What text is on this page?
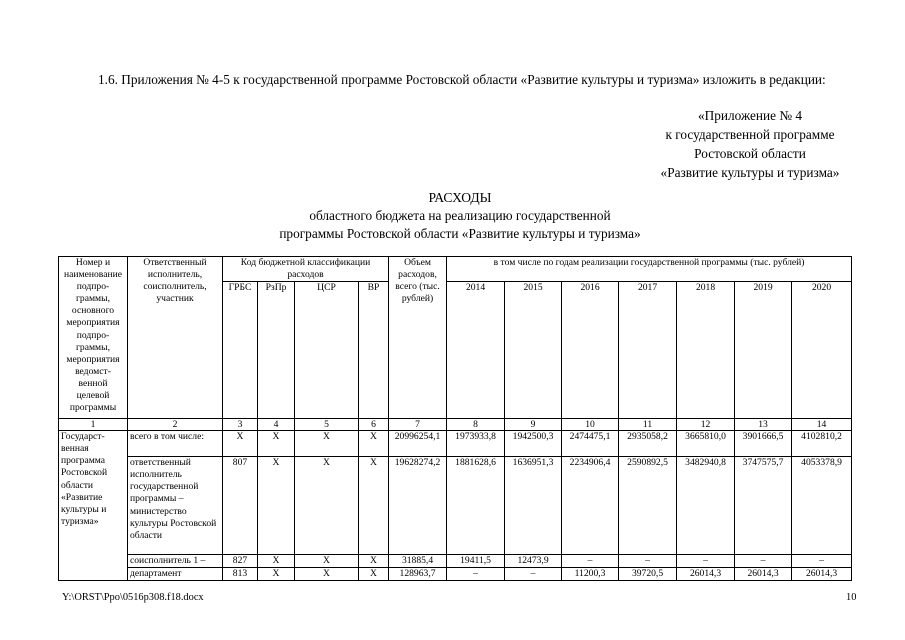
1.6. Приложения № 4-5 к государственной программе Ростовской области «Развитие культуры и туризма» изложить в редакции:

«Приложение № 4
к государственной программе
Ростовской области
«Развитие культуры и туризма»
РАСХОДЫ
областного бюджета на реализацию государственной
программы Ростовской области «Развитие культуры и туризма»
Номер и наименование подпро-граммы, основного мероприятия подпро-граммы, мероприятия ведомст-венной целевой программы	Ответственный исполнитель, соисполнитель, участник	Код бюджетной классификации расходов				Объем расходов, всего (тыс. рублей)	в том числе по годам реализации государственной программы (тыс. рублей)						
		ГРБС	РзПр	ЦСР	ВР		2014	2015	2016	2017	2018	2019	2020
1	2	3	4	5	6	7	8	9	10	11	12	13	14
Государст-венная программа Ростовской области «Развитие культуры и туризма»	всего в том числе:	X	X	X	X	20996254,1	1973933,8	1942500,3	2474475,1	2935058,2	3665810,0	3901666,5	4102810,2
	ответственный исполнитель государственной программы – министерство культуры Ростовской области	807	X	X	X	19628274,2	1881628,6	1636951,3	2234906,4	2590892,5	3482940,8	3747575,7	4053378,9
	соисполнитель 1 –	827	X	X	X	31885,4	19411,5	12473,9	–	–	–	–	–
	департамент	813	X	X	X	128963,7	–	–	11200,3	39720,5	26014,3	26014,3	26014,3
Y:\ORST\Ppo\0516p308.f18.docx	10
